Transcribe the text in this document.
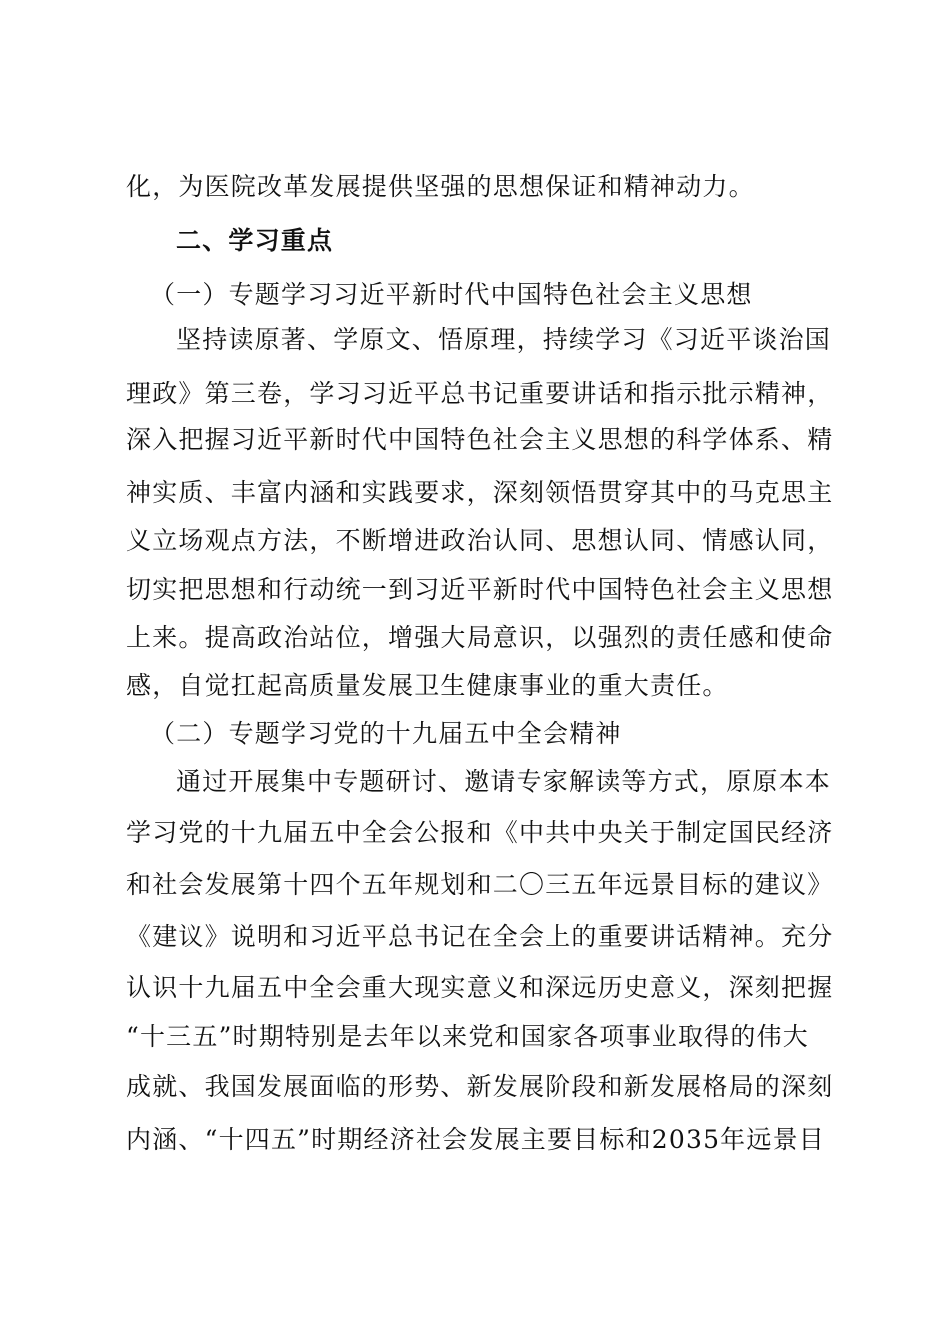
化，为医院改革发展提供坚强的思想保证和精神动力。
二、学习重点
（一）专题学习习近平新时代中国特色社会主义思想
坚持读原著、学原文、悟原理，持续学习《习近平谈治国
理政》第三卷，学习习近平总书记重要讲话和指示批示精神，
深入把握习近平新时代中国特色社会主义思想的科学体系、精
神实质、丰富内涵和实践要求，深刻领悟贯穿其中的马克思主
义立场观点方法，不断增进政治认同、思想认同、情感认同，
切实把思想和行动统一到习近平新时代中国特色社会主义思想
上来。提高政治站位，增强大局意识，以强烈的责任感和使命
感，自觉扛起高质量发展卫生健康事业的重大责任。
（二）专题学习党的十九届五中全会精神
通过开展集中专题研讨、邀请专家解读等方式，原原本本
学习党的十九届五中全会公报和《中共中央关于制定国民经济
和社会发展第十四个五年规划和二〇三五年远景目标的建议》
《建议》说明和习近平总书记在全会上的重要讲话精神。充分
认识十九届五中全会重大现实意义和深远历史意义，深刻把握
“十三五”时期特别是去年以来党和国家各项事业取得的伟大
成就、我国发展面临的形势、新发展阶段和新发展格局的深刻
内涵、“十四五”时期经济社会发展主要目标和2035年远景目
